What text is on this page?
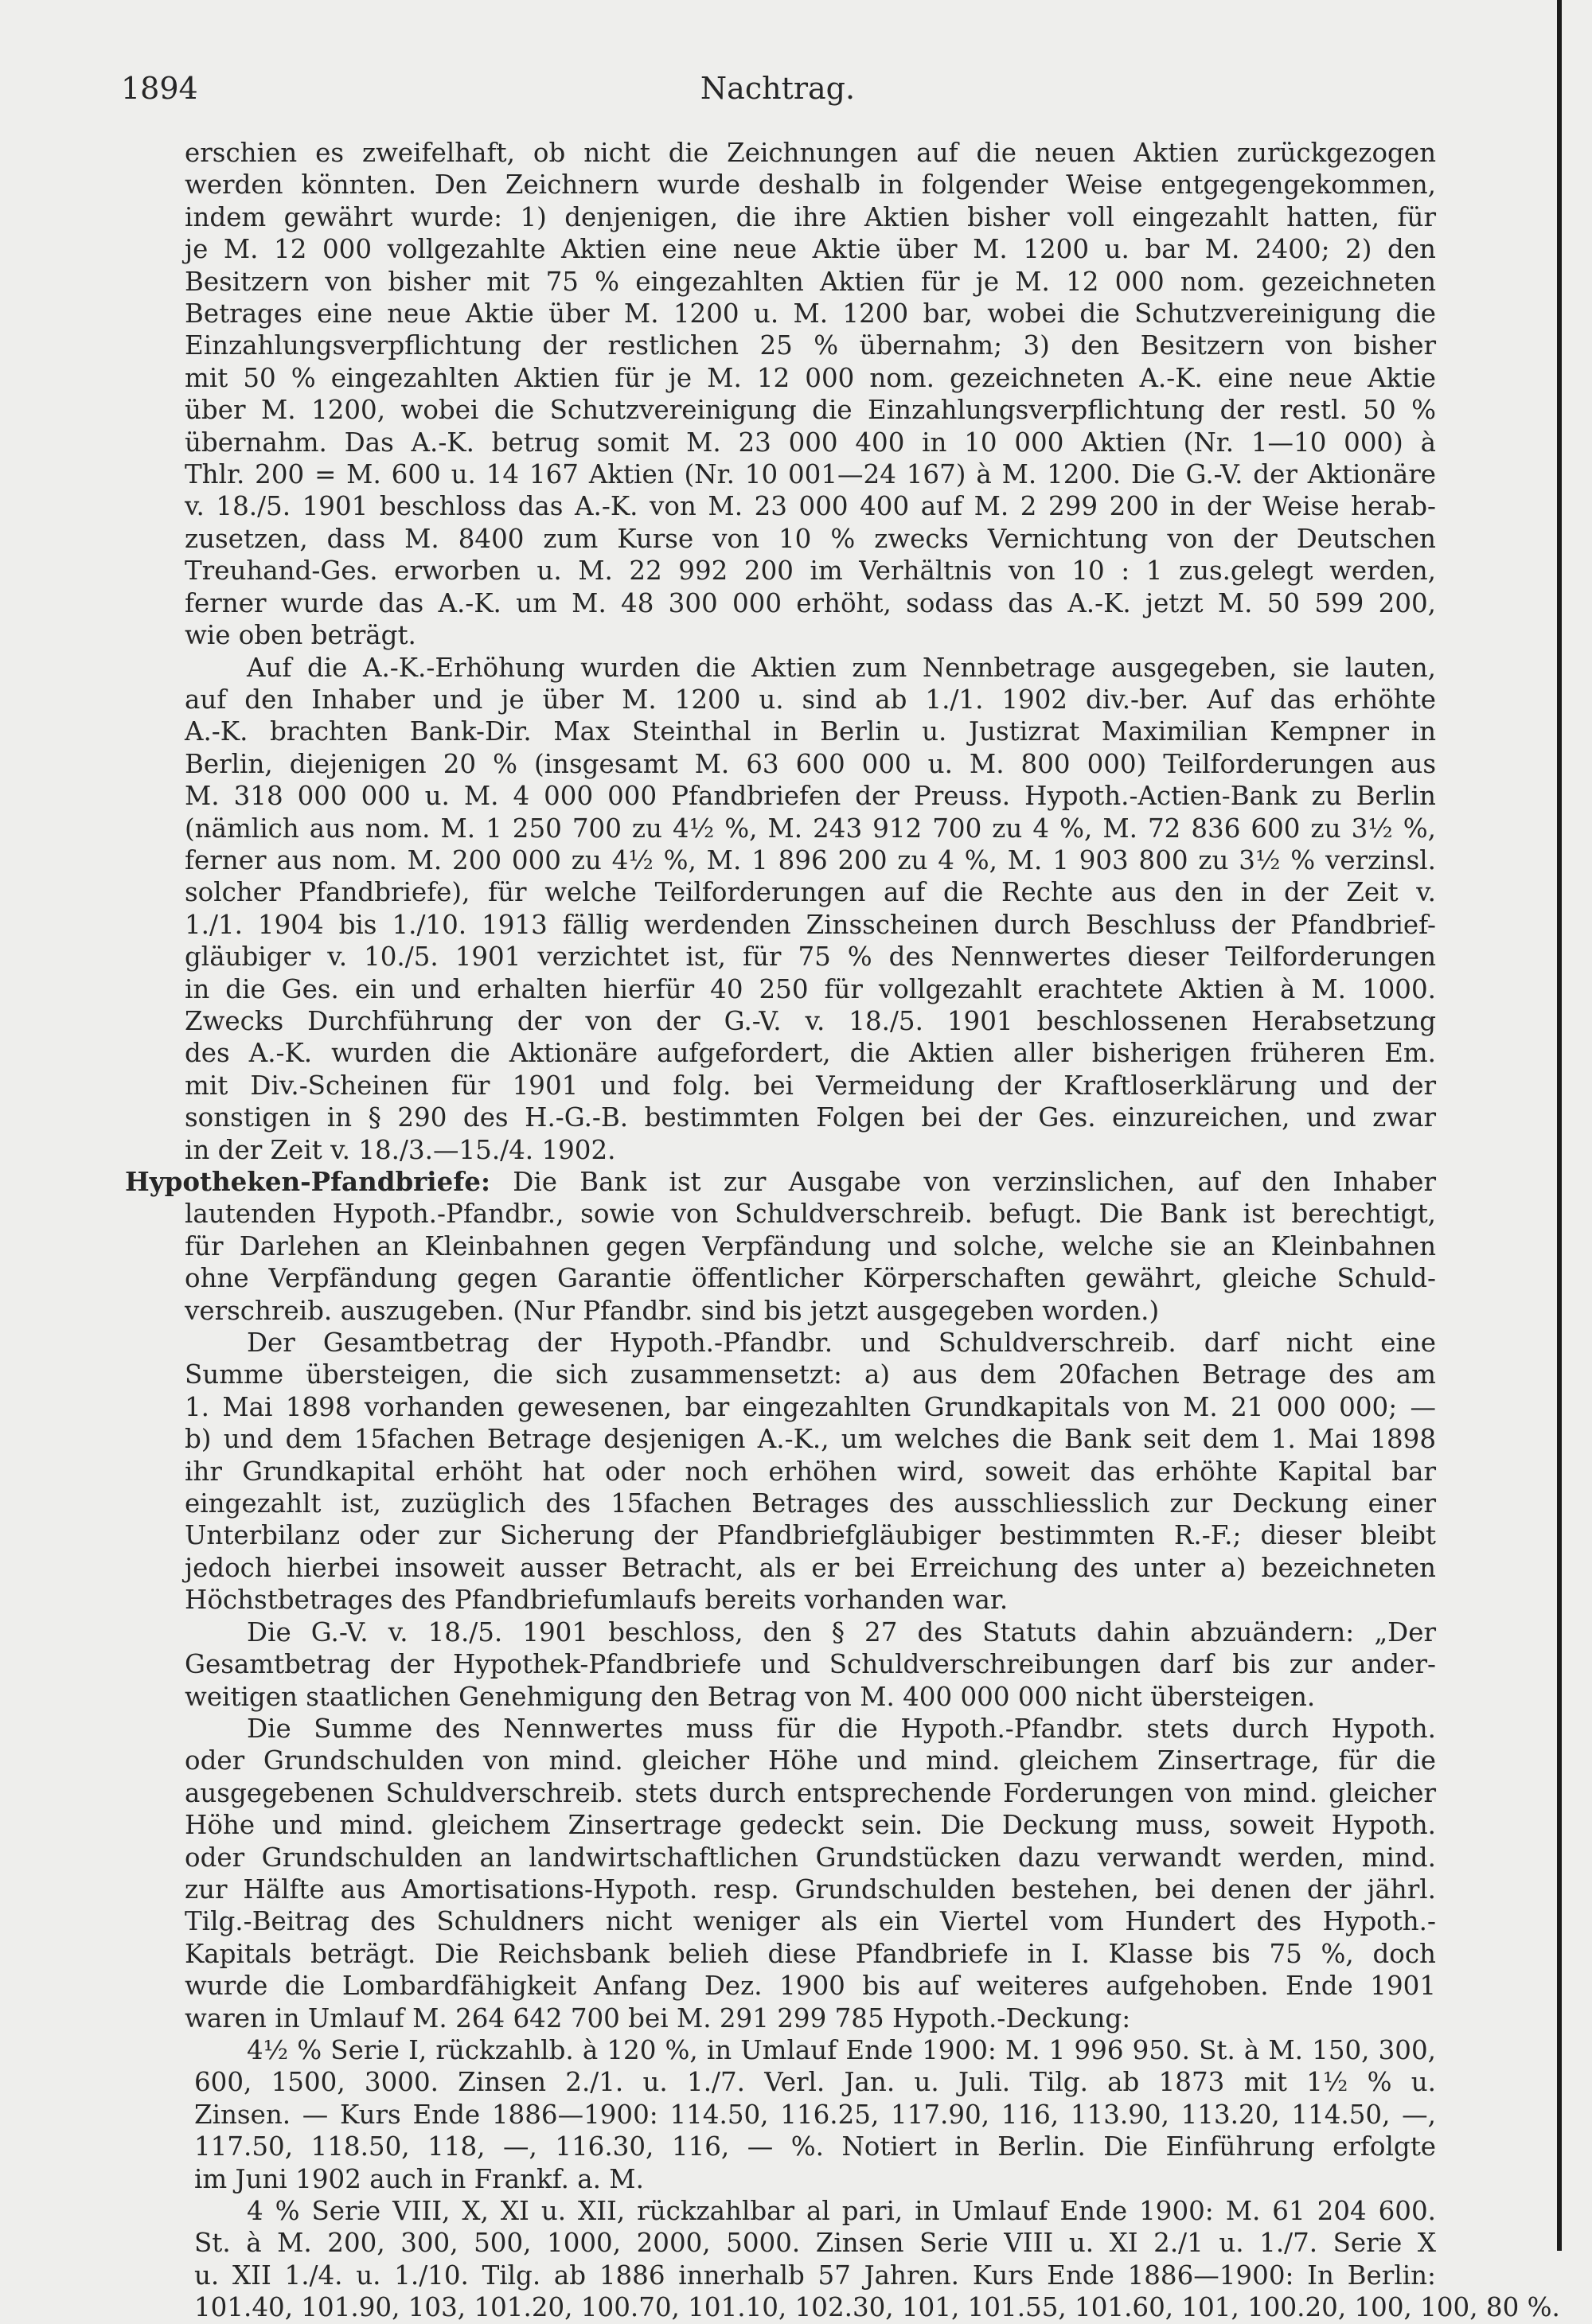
1894	Nachtrag.
erschien es zweifelhaft, ob nicht die Zeichnungen auf die neuen Aktien zurückgezogen
werden könnten. Den Zeichnern wurde deshalb in folgender Weise entgegengekommen,
indem gewährt wurde: 1) denjenigen, die ihre Aktien bisher voll eingezahlt hatten, für
je M. 12 000 vollgezahlte Aktien eine neue Aktie über M. 1200 u. bar M. 2400; 2) den
Besitzern von bisher mit 75 % eingezahlten Aktien für je M. 12 000 nom. gezeichneten
Betrages eine neue Aktie über M. 1200 u. M. 1200 bar, wobei die Schutzvereinigung die
Einzahlungsverpflichtung der restlichen 25 % übernahm; 3) den Besitzern von bisher
mit 50 % eingezahlten Aktien für je M. 12 000 nom. gezeichneten A.-K. eine neue Aktie
über M. 1200, wobei die Schutzvereinigung die Einzahlungsverpflichtung der restl. 50 %
übernahm. Das A.-K. betrug somit M. 23 000 400 in 10 000 Aktien (Nr. 1—10 000) à
Thlr. 200 = M. 600 u. 14 167 Aktien (Nr. 10 001—24 167) à M. 1200. Die G.-V. der Aktionäre
v. 18./5. 1901 beschloss das A.-K. von M. 23 000 400 auf M. 2 299 200 in der Weise herab-
zusetzen, dass M. 8400 zum Kurse von 10 % zwecks Vernichtung von der Deutschen
Treuhand-Ges. erworben u. M. 22 992 200 im Verhältnis von 10 : 1 zus.gelegt werden,
ferner wurde das A.-K. um M. 48 300 000 erhöht, sodass das A.-K. jetzt M. 50 599 200,
wie oben beträgt.
Auf die A.-K.-Erhöhung wurden die Aktien zum Nennbetrage ausgegeben, sie lauten,
auf den Inhaber und je über M. 1200 u. sind ab 1./1. 1902 div.-ber. Auf das erhöhte
A.-K. brachten Bank-Dir. Max Steinthal in Berlin u. Justizrat Maximilian Kempner in
Berlin, diejenigen 20 % (insgesamt M. 63 600 000 u. M. 800 000) Teilforderungen aus
M. 318 000 000 u. M. 4 000 000 Pfandbriefen der Preuss. Hypoth.-Actien-Bank zu Berlin
(nämlich aus nom. M. 1 250 700 zu 4½ %, M. 243 912 700 zu 4 %, M. 72 836 600 zu 3½ %,
ferner aus nom. M. 200 000 zu 4½ %, M. 1 896 200 zu 4 %, M. 1 903 800 zu 3½ % verzinsl.
solcher Pfandbriefe), für welche Teilforderungen auf die Rechte aus den in der Zeit v.
1./1. 1904 bis 1./10. 1913 fällig werdenden Zinsscheinen durch Beschluss der Pfandbrief-
gläubiger v. 10./5. 1901 verzichtet ist, für 75 % des Nennwertes dieser Teilforderungen
in die Ges. ein und erhalten hierfür 40 250 für vollgezahlt erachtete Aktien à M. 1000.
Zwecks Durchführung der von der G.-V. v. 18./5. 1901 beschlossenen Herabsetzung
des A.-K. wurden die Aktionäre aufgefordert, die Aktien aller bisherigen früheren Em.
mit Div.-Scheinen für 1901 und folg. bei Vermeidung der Kraftloserklärung und der
sonstigen in § 290 des H.-G.-B. bestimmten Folgen bei der Ges. einzureichen, und zwar
in der Zeit v. 18./3.—15./4. 1902.
Hypotheken-Pfandbriefe: Die Bank ist zur Ausgabe von verzinslichen, auf den Inhaber
lautenden Hypoth.-Pfandbr., sowie von Schuldverschreib. befugt. Die Bank ist berechtigt,
für Darlehen an Kleinbahnen gegen Verpfändung und solche, welche sie an Kleinbahnen
ohne Verpfändung gegen Garantie öffentlicher Körperschaften gewährt, gleiche Schuld-
verschreib. auszugeben. (Nur Pfandbr. sind bis jetzt ausgegeben worden.)
Der Gesamtbetrag der Hypoth.-Pfandbr. und Schuldverschreib. darf nicht eine
Summe übersteigen, die sich zusammensetzt: a) aus dem 20fachen Betrage des am
1. Mai 1898 vorhanden gewesenen, bar eingezahlten Grundkapitals von M. 21 000 000; —
b) und dem 15fachen Betrage desjenigen A.-K., um welches die Bank seit dem 1. Mai 1898
ihr Grundkapital erhöht hat oder noch erhöhen wird, soweit das erhöhte Kapital bar
eingezahlt ist, zuzüglich des 15fachen Betrages des ausschliesslich zur Deckung einer
Unterbilanz oder zur Sicherung der Pfandbriefgläubiger bestimmten R.-F.; dieser bleibt
jedoch hierbei insoweit ausser Betracht, als er bei Erreichung des unter a) bezeichneten
Höchstbetrages des Pfandbriefumlaufs bereits vorhanden war.
Die G.-V. v. 18./5. 1901 beschloss, den § 27 des Statuts dahin abzuändern: „Der
Gesamtbetrag der Hypothek-Pfandbriefe und Schuldverschreibungen darf bis zur ander-
weitigen staatlichen Genehmigung den Betrag von M. 400 000 000 nicht übersteigen.
Die Summe des Nennwertes muss für die Hypoth.-Pfandbr. stets durch Hypoth.
oder Grundschulden von mind. gleicher Höhe und mind. gleichem Zinsertrage, für die
ausgegebenen Schuldverschreib. stets durch entsprechende Forderungen von mind. gleicher
Höhe und mind. gleichem Zinsertrage gedeckt sein. Die Deckung muss, soweit Hypoth.
oder Grundschulden an landwirtschaftlichen Grundstücken dazu verwandt werden, mind.
zur Hälfte aus Amortisations-Hypoth. resp. Grundschulden bestehen, bei denen der jährl.
Tilg.-Beitrag des Schuldners nicht weniger als ein Viertel vom Hundert des Hypoth.-
Kapitals beträgt. Die Reichsbank belieh diese Pfandbriefe in I. Klasse bis 75 %, doch
wurde die Lombardfähigkeit Anfang Dez. 1900 bis auf weiteres aufgehoben. Ende 1901
waren in Umlauf M. 264 642 700 bei M. 291 299 785 Hypoth.-Deckung:
4½ % Serie I, rückzahlb. à 120 %, in Umlauf Ende 1900: M. 1 996 950. St. à M. 150, 300,
600, 1500, 3000. Zinsen 2./1. u. 1./7. Verl. Jan. u. Juli. Tilg. ab 1873 mit 1½ % u.
Zinsen. — Kurs Ende 1886—1900: 114.50, 116.25, 117.90, 116, 113.90, 113.20, 114.50, —,
117.50, 118.50, 118, —, 116.30, 116, — %. Notiert in Berlin. Die Einführung erfolgte
im Juni 1902 auch in Frankf. a. M.
4 % Serie VIII, X, XI u. XII, rückzahlbar al pari, in Umlauf Ende 1900: M. 61 204 600.
St. à M. 200, 300, 500, 1000, 2000, 5000. Zinsen Serie VIII u. XI 2./1 u. 1./7. Serie X
u. XII 1./4. u. 1./10. Tilg. ab 1886 innerhalb 57 Jahren. Kurs Ende 1886—1900: In Berlin:
101.40, 101.90, 103, 101.20, 100.70, 101.10, 102.30, 101, 101.55, 101.60, 101, 100.20, 100, 100, 80 %.
